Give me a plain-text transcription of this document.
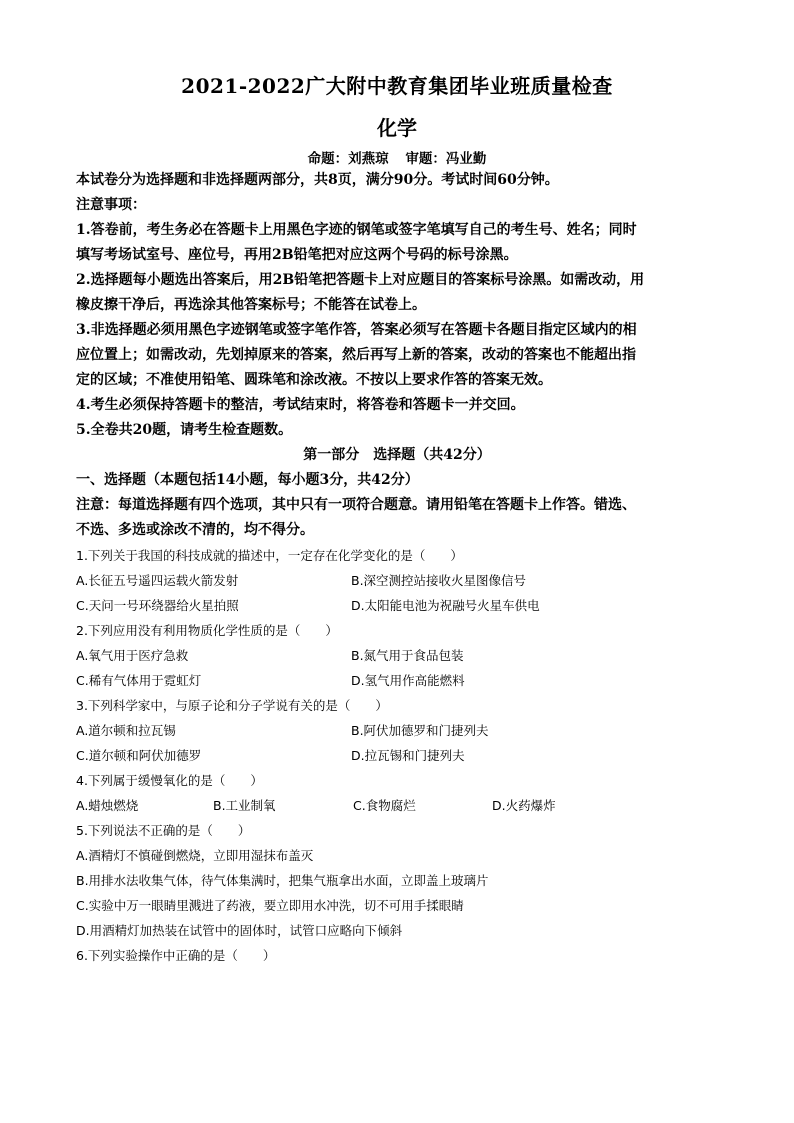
2021-2022广大附中教育集团毕业班质量检查
化学
命题：刘燕琼 审题：冯业勤
本试卷分为选择题和非选择题两部分，共8页，满分90分。考试时间60分钟。
注意事项：
1.答卷前，考生务必在答题卡上用黑色字迹的钢笔或签字笔填写自己的考生号、姓名；同时
填写考场试室号、座位号，再用2B铅笔把对应这两个号码的标号涂黑。
2.选择题每小题选出答案后，用2B铅笔把答题卡上对应题目的答案标号涂黑。如需改动，用
橡皮擦干净后，再选涂其他答案标号；不能答在试卷上。
3.非选择题必须用黑色字迹钢笔或签字笔作答，答案必须写在答题卡各题目指定区域内的相
应位置上；如需改动，先划掉原来的答案，然后再写上新的答案，改动的答案也不能超出指
定的区域；不准使用铅笔、圆珠笔和涂改液。不按以上要求作答的答案无效。
4.考生必须保持答题卡的整洁，考试结束时，将答卷和答题卡一并交回。
5.全卷共20题，请考生检查题数。
第一部分　选择题（共42分）
一、选择题（本题包括14小题，每小题3分，共42分）
注意：每道选择题有四个选项，其中只有一项符合题意。请用铅笔在答题卡上作答。错选、
不选、多选或涂改不清的，均不得分。
1.下列关于我国的科技成就的描述中，一定存在化学变化的是（　　）
A.长征五号遥四运载火箭发射	B.深空测控站接收火星图像信号
C.天问一号环绕器给火星拍照	D.太阳能电池为祝融号火星车供电
2.下列应用没有利用物质化学性质的是（　　）
A.氧气用于医疗急救	B.氮气用于食品包装
C.稀有气体用于霓虹灯	D.氢气用作高能燃料
3.下列科学家中，与原子论和分子学说有关的是（　　）
A.道尔顿和拉瓦锡	B.阿伏加德罗和门捷列夫
C.道尔顿和阿伏加德罗	D.拉瓦锡和门捷列夫
4.下列属于缓慢氧化的是（　　）
A.蜡烛燃烧	B.工业制氧	C.食物腐烂	D.火药爆炸
5.下列说法不正确的是（　　）
A.酒精灯不慎碰倒燃烧，立即用湿抹布盖灭
B.用排水法收集气体，待气体集满时，把集气瓶拿出水面，立即盖上玻璃片
C.实验中万一眼睛里溅进了药液，要立即用水冲洗，切不可用手揉眼睛
D.用酒精灯加热装在试管中的固体时，试管口应略向下倾斜
6.下列实验操作中正确的是（　　）
